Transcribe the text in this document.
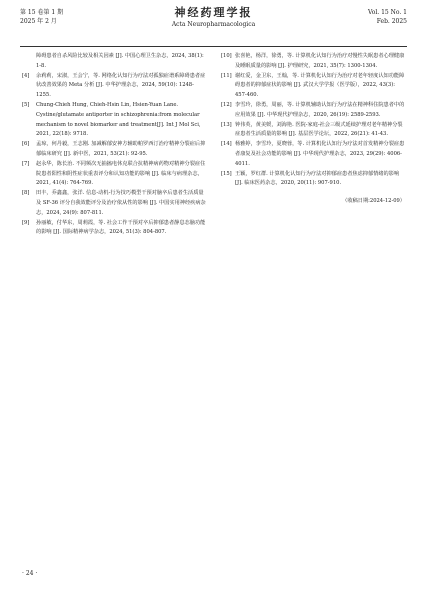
第 15 卷第 1 期
2025 年 2 月
神经药理学报
Acta Neuropharmacologica
Vol. 15 No. 1
Feb. 2025
障碍患者自杀风险比较及相关因素 [J]. 中国心理卫生杂志，2024, 38(1): 1-8.
[4]	余莉莉，宋淑，王会宁，等. 网络化认知行为疗法对孤独症谱系障碍患者症状改善效果的 Meta 分析 [J]. 中华护理杂志，2024, 59(10): 1248-1255.
[5]	Chung-Chieh Hung, Chieh-Hsin Lin, Hsien-Yuan Lane. Cystine/glutamate antiporter in schizophrenia:from molecular mechanism to novel biomarker and treatment[J]. Int J Mol Sci, 2021, 22(18): 9718.
[6]	孟琼，何丹毅，王志刚. 加减解郁安神方辅助帕罗西汀治疗精神分裂症后抑郁临床研究 [J]. 新中医，2021, 53(21): 92-95.
[7]	赵永华，陈长治. 不同频次无抽搐电休克联合抗精神病药物对精神分裂症住院患者阳性和阴性症状重表评分和认知功能的影响 [J]. 临床与病理杂志，2021, 41(4): 764-769.
[8]	田丰，乔鑫鑫，张洋. 信息-动机-行为技巧模型干预对脑卒后患者生活质量及 SF-36 评分自我效能评分及治疗依从性的影响 [J]. 中国实用神经疾病杂志，2024, 24(9): 807-811.
[9]	孙丽敏，付华东，周莉霞，等. 社会工作干预对卒后抑郁患者静息态脑功能的影响 [J]. 国际精神病学杂志，2024, 51(3): 804-807.
[10] 张喜艳，杨洋，徐勇，等. 计算机化认知行为治疗对慢性失眠患者心理健康及睡眠质量的影响 [J]. 护理研究，2021, 35(7): 1300-1304.
[11] 谢红爱，金卫东，王翰，等. 计算机化认知行为治疗对老年轻度认知功能障碍患者的抑郁症状的影响 [J]. 武汉大学学报（医学版），2022, 43(3): 457-460.
[12] 李雪玲，徐勇，周丽，等. 计算机辅助认知行为疗法在精神科住院患者中的应用效果 [J]. 中华现代护理杂志，2020, 26(19): 2589-2593.
[13] 钟伟英，黄美媛，刘海艳. 医院-家庭-社会三级式延续护理对老年精神分裂症患者生活质量的影响 [J]. 基层医学论坛，2022, 26(21): 41-43.
[14] 杨雅婷，李雪玲，夏晓蓉，等. 计算机化认知行为疗法对首发精神分裂症患者康复及社会功能的影响 [J]. 中华现代护理杂志，2023, 29(29): 4006-4011.
[15] 王颖，罗红群. 计算机化认知行为疗法对抑郁症患者焦虑抑郁情绪的影响 [J]. 临床医药杂志，2020, 20(11): 907-910.
（收稿日期:2024-12-09）
· 24 ·
